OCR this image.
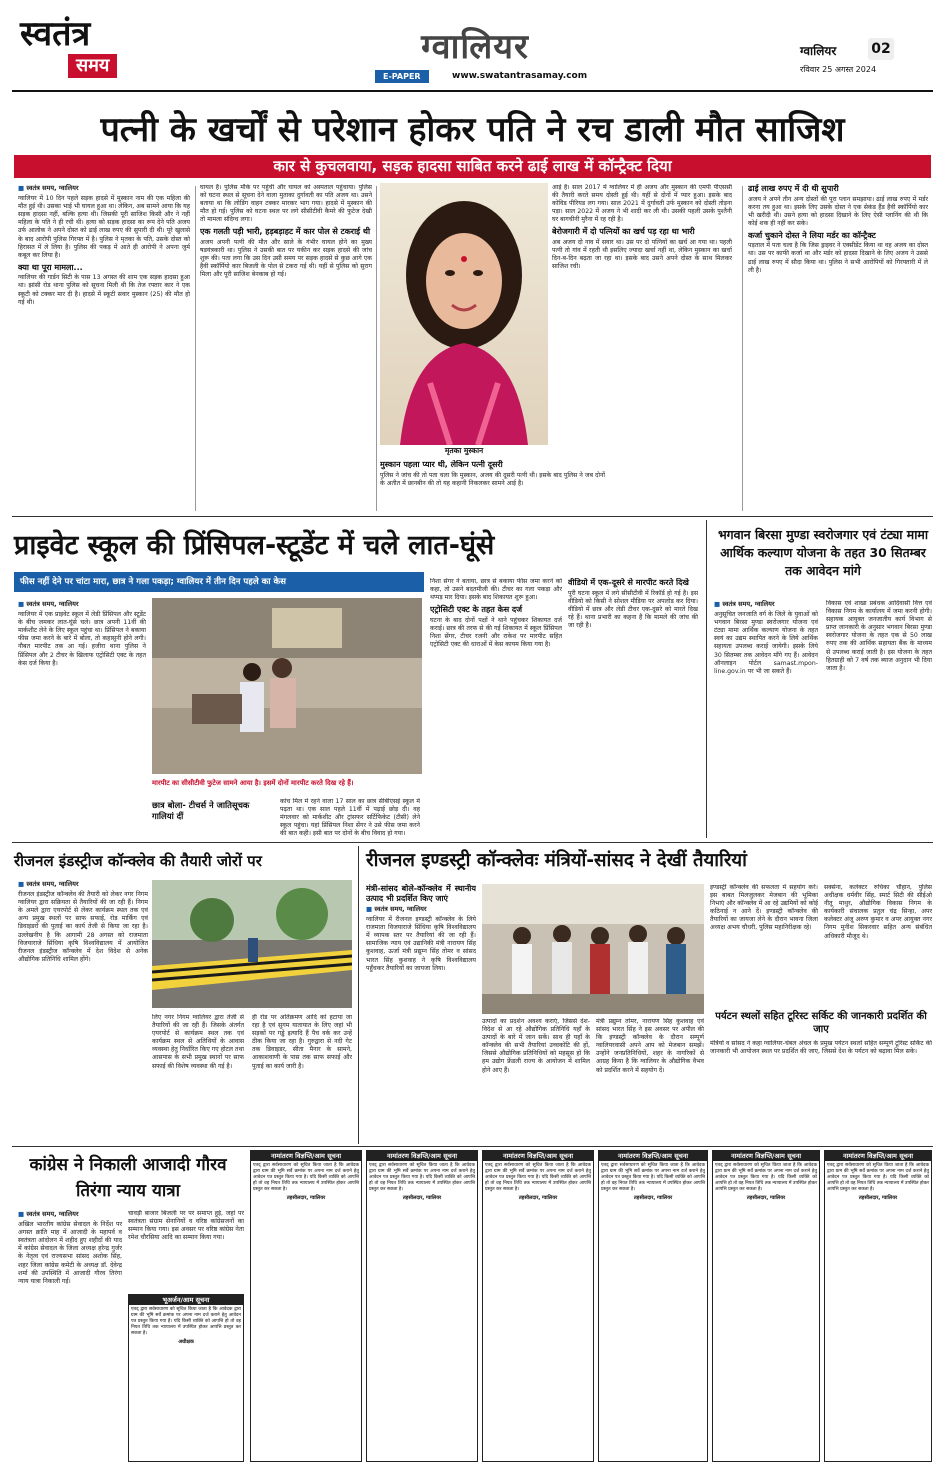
स्वतंत्र
समय	ग्वालियर
E-PAPER	www.swatantrasamay.com
ग्वालियर 02
रविवार 25 अगस्त 2024
पत्नी के खर्चों से परेशान होकर पति ने रच डाली मौत साजिश
कार से कुचलवाया, सड़क हादसा साबित करने ढाई लाख में कॉन्ट्रैक्ट दिया
■ स्वतंत्र समय, ग्वालियर

ग्वालियर में 10 दिन पहले सड़क हादसे में मुस्कान नाम की एक महिला की मौत हुई थी। उसका भाई भी घायल हुआ था। लेकिन, अब सामने आया कि यह सड़क हादसा नहीं, बल्कि हत्या थी। जिसकी पूरी साजिश किसी और ने नहीं महिला के पति ने ही रची थी। हत्या को सड़क हादसा का रूप देने पति अजय उर्फ आलोक ने अपने दोस्त को ढाई लाख रुपए की सुपारी दी थी। पूरे खुलासे के बाद आरोपी पुलिस गिरफ्त में है। पुलिस ने मृतका के पति, उसके दोस्त को हिरासत में ले लिया है। पुलिस की पकड़ में आते ही आरोपी ने अपना जुर्म कबूल कर लिया है।

क्या था पूरा मामला...

ग्वालियर की गार्डन सिटी के पास 13 अगस्त की शाम एक सड़क हादसा हुआ था। झांसी रोड थाना पुलिस को सूचना मिली थी कि तेज रफ्तार कार ने एक स्कूटी को टक्कर मार दी है। हादसे में स्कूटी सवार मुस्कान (25) की मौत हो गई थी।

घायल है। पुलिस मौके पर पहुंची और घायल को अस्पताल पहुंचाया। पुलिस को घटना स्थल से सूचना देने वाला मुताका दुर्गावती का पति अजय था। उसने बताया था कि लोडिंग वाहन टक्कर मारकर भाग गया। हादसे में मुस्कान की मौत हो गई। पुलिस को घटना स्थल पर लगे सीसीटीवी कैमरे की फुटेज देखी तो मामला संदिग्ध लगा।

एक गलती पड़ी भारी, हड़बड़ाहट में कार पोल से टकराई थी

अजय अपनी पत्नी की मौत और साले के गंभीर घायल होने का मुख्य षडयंत्रकारी था। पुलिस ने उसकी बात पर यकीन कर सड़क हादसे की जांच शुरू की। पता लगा कि उस दिन उसी समय पर सड़क हादसे से कुछ आगे एक हैवी स्कॉर्पियो कार बिजली के पोल से टकरा गई थी। यहीं से पुलिस को सुराग मिला और पूरी साजिश बेनकाब हो गई।

मृतका मुस्कान
मुस्कान पहला प्यार थी, लेकिन पत्नी दूसरी

पुलिस ने जांच की तो पता चला कि मुस्कान, अजय की दूसरी पत्नी थी। इसके बाद पुलिस ने जब दोनों के अतीत में छानबीन की तो यह कहानी निकलकर सामने आई है।

आई है। साल 2017 में ग्वालियर में ही अजय और मुस्कान की एमपी पीएससी की तैयारी करते समय दोस्ती हुई थी। यहीं से दोनों में प्यार हुआ। इसके बाद कोविड पीरियड लग गया। साल 2021 में दुर्गावती उर्फ मुस्कान को दोस्ती तोड़ना पड़ा। साल 2022 में अजय ने भी शादी कर ली थी। उसकी पहली उसके पुश्तैनी घर बागचीनी मुरैना में रह रही है।

बेरोजगारी में दो पत्नियों का खर्च पड़ रहा था भारी

अब अजय दो नाव में सवार था। उस पर दो पत्नियों का खर्च आ गया था। पहली पत्नी तो गांव में रहती थी इसलिए ज्यादा खर्चा नहीं था, लेकिन मुस्कान का खर्चा दिन-ब-दिन बढ़ता जा रहा था। इसके बाद उसने अपने दोस्त के साथ मिलकर साजिश रची।

ढाई लाख रुपए में दी थी सुपारी

अजय ने अपने तीन अन्य दोस्तों की पूरा प्लान समझाया। ढाई लाख रुपए में मर्डर करना तय हुआ था। इसके लिए उसके दोस्त ने एक सेकंड हैंड हैवी स्कॉर्पियो कार भी खरीदी थी। उसने हत्या को हादसा दिखाने के लिए ऐसी प्लानिंग की थी कि कोई शक ही नहीं कर सके।

कर्जा चुकाने दोस्त ने लिया मर्डर का कॉन्ट्रैक्ट

पड़ताल में पता चला है कि जिस ड्राइवर ने एक्सीडेंट किया था वह अजय का दोस्त था। उस पर काफी कर्जा था और मर्डर को हादसा दिखाने के लिए अजय ने उससे ढाई लाख रुपए में सौदा किया था। पुलिस ने सभी आरोपियों को गिरफ्तारी में ले ली है।

प्राइवेट स्कूल की प्रिंसिपल-स्टूडेंट में चले लात-घूंसे
फीस नहीं देने पर चांटा मारा, छात्र ने गला पकड़ा; ग्वालियर में तीन दिन पहले का केस
■ स्वतंत्र समय, ग्वालियर

ग्वालियर में एक प्राइवेट स्कूल में लेडी प्रिंसिपल और स्टूडेंट के बीच जमकर लात-घूंसे चले। छात्र अपनी 11वीं की मार्कशीट लेने के लिए स्कूल पहुंचा था। प्रिंसिपल ने बकाया फीस जमा करने के बारे में बोला, तो कहासुनी होने लगी। नौबत मारपीट तक आ गई। हजीरा थाना पुलिस ने प्रिंसिपल और 2 टीचर के खिलाफ एट्रोसिटी एक्ट के तहत केस दर्ज किया है।

मारपीट का सीसीटीवी फुटेज सामने आया है। इसमें दोनों मारपीट करते दिख रहे हैं।
छात्र बोला- टीचर्स ने जातिसूचक गालियां दीं

कांच मिल में रहने वाला 17 साल का छात्र सीबीएसई स्कूल में पढ़ता था। एक साल पहले 11वीं में पढ़ाई छोड़ दी। वह मंगलवार को मार्कशीट और ट्रांसफर सर्टिफिकेट (टीसी) लेने स्कूल पहुंचा। यहां प्रिंसिपल निशा सेंगर ने उसे फीस जमा करने की बात कही। इसी बात पर दोनों के बीच विवाद हो गया।

निशा सेंगर ने बताया, छात्र से बकाया फीस जमा करने को कहा, तो उसने बदतमीजी की। टीचर का गला पकड़ा और थप्पड़ मार दिया। इसके बाद शिकायत शुरू हुआ।

एट्रोसिटी एक्ट के तहत केस दर्ज

घटना के बाद दोनों पक्षों ने थाने पहुंचकर शिकायत दर्ज कराई। छात्र की तरफ से की गई शिकायत में स्कूल प्रिंसिपल निशा सेंगर, टीचर रजनी और राकेश पर मारपीट सहित एट्रोसिटी एक्ट की धाराओं में केस कायम किया गया है।

वीडियो में एक-दूसरे से मारपीट करते दिखे

पूरी घटना स्कूल में लगे सीसीटीवी में रिकॉर्ड हो गई है। इस वीडियो को किसी ने सोशल मीडिया पर अपलोड कर दिया। वीडियो में छात्र और लेडी टीचर एक-दूसरे को मारते दिख रहे हैं। थाना प्रभारी का कहना है कि मामले की जांच की जा रही है।

भगवान बिरसा मुण्डा स्वरोजगार एवं टंट्या मामा आर्थिक कल्याण योजना के तहत 30 सितम्बर तक आवेदन मांगे
■ स्वतंत्र समय, ग्वालियर

अनुसूचित जनजाति वर्ग के जिले के युवाओं को भगवान बिरसा मुण्डा स्वरोजगार योजना एवं टंट्या मामा आर्थिक कल्याण योजना के तहत स्वयं का उद्यम स्थापित करने के लिये आर्थिक सहायता उपलब्ध कराई जायेगी। इसके लिये 30 सितम्बर तक आवेदन माँगे गए हैं। आवेदन ऑनलाइन पोर्टल samast.mpon-line.gov.in पर भी जा सकते हैं।

विकास एवं शाखा प्रबंधक आदिवासी वित्त एवं विकास निगम के कार्यालय में जमा करनी होगी। सहायक आयुक्त जनजातीय कार्य विभाग से प्राप्त जानकारी के अनुसार भगवान बिरसा मुण्डा स्वरोजगार योजना के तहत एक से 50 लाख रुपए तक की आर्थिक सहायता बैंक के माध्यम से उपलब्ध कराई जाती है। इस योजना के तहत हितग्राही को 7 वर्ष तक ब्याज अनुदान भी दिया जाता है।

रीजनल इंडस्ट्रीज कॉन्क्लेव की तैयारी जोरों पर
■ स्वतंत्र समय, ग्वालियर

रीजनल इंडस्ट्रीज कॉन्क्लेव की तैयारी को लेकर नगर निगम ग्वालियर द्वारा सक्रियता से तैयारियों की जा रही हैं। निगम के अमले द्वारा एयरपोर्ट से लेकर कार्यक्रम स्थल तक एवं अन्य प्रमुख स्थलों पर साफ सफाई, रोड मार्किंग एवं डिवाइडरों की पुताई का कार्य तेजी से किया जा रहा है। उल्लेखनीय है कि आगामी 28 अगस्त को राजमाता विजयाराजे सिंधिया कृषि विश्वविद्यालय में आयोजित रीजनल इंडस्ट्रीज कॉन्क्लेव में देश विदेश से अनेक औद्योगिक प्रतिनिधि शामिल होंगे।

लिए नगर निगम ग्वालियर द्वारा तेजी से तैयारियों की जा रही हैं। जिसके अंतर्गत एयरपोर्ट से कार्यक्रम स्थल तक एवं कार्यक्रम स्थल से अतिथियों के आवास व्यवस्था हेतु निर्धारित किए गए होटल तथा आसपास के सभी प्रमुख स्थानों पर साफ सफाई की विशेष व्यवस्था की गई है।

ही रोड पर अतिक्रमण आदि को हटाया जा रहा है एवं सुगम यातायात के लिए जहां भी सड़कों पर गड्ढे इत्यादि हैं पैच वर्क कर उन्हें ठीक किया जा रहा है। गुरुद्वारा से नदी गेट तक डिवाइडर, सीता मैनार के सामने, आकाशवाणी के पास तक साफ सफाई और पुताई का कार्य जारी है।

रीजनल इण्डस्ट्री कॉन्क्लेवः मंत्रियों-सांसद ने देखीं तैयारियां
मंत्री-सांसद बोले-कॉन्क्लेव में स्थानीय उत्पाद भी प्रदर्शित किए जाएं
■ स्वतंत्र समय, ग्वालियर

ग्वालियर में रीजनल इण्डस्ट्री कॉन्क्लेव के लिये राजमाता विजयाराजे सिंधिया कृषि विश्वविद्यालय में व्यापक स्तर पर तैयारियां की जा रही हैं। सामाजिक न्याय एवं उद्यानिकी मंत्री नारायण सिंह कुशवाह, ऊर्जा मंत्री प्रद्युम्न सिंह तोमर व सांसद भारत सिंह कुशवाह ने कृषि विश्वविद्यालय पहुँचकर तैयारियों का जायजा लिया।

उत्पादों का प्रदर्शन अवश्य कराएं, जिससे देश-विदेश से आ रहे औद्योगिक प्रतिनिधि यहाँ के उत्पादों के बारे में जान सकें। साथ ही यहाँ के कॉन्क्लेव की सभी तैयारियां उच्चकोटि की हों, जिससे औद्योगिक प्रतिनिधियों को महसूस हो कि हम उद्योग फ्रेंडली राज्य के आयोजन में शामिल होने आए हैं।

मंत्री प्रद्युम्न तोमर, नारायण सिंह कुशवाह एवं सांसद भारत सिंह ने इस अवसर पर अपील की कि इण्डस्ट्री कॉन्क्लेव के दौरान सम्पूर्ण ग्वालियरवासी अपने आप को मेजबान समझें। उन्होंने जनप्रतिनिधियों, शहर के नागरिकों से आग्रह किया है कि ग्वालियर के औद्योगिक वैभव को प्रदर्शित करने में सहयोग दें।

इण्डस्ट्री कॉन्क्लेव की सफलता में सहयोग करें। इस बाबत मिलजुलकर मेजबान की भूमिका निभाएं और कॉन्क्लेव में आ रहे उद्यमियों को कोई कठिनाई न आने दें। इण्डस्ट्री कॉन्क्लेव की तैयारियों का जायजा लेने के दौरान भावना जिला अध्यक्ष अभय चौधरी, पुलिस महानिरीक्षक रहे।

सक्सेना, कलेक्टर रुचिका चौहान, पुलिस अधीक्षक धर्मवीर सिंह, स्मार्ट सिटी की सीईओ नीतू माथुर, औद्योगिक विकास निगम के कार्यकारी संचालक प्रतुल चंद्र सिन्हा, अपर कलेक्टर अंजू अरुण कुमार व अपर आयुक्त नगर निगम मुनीश सिकरवार सहित अन्य संबंधित अधिकारी मौजूद थे।

पर्यटन स्थलों सहित टूरिस्ट सर्किट की जानकारी प्रदर्शित की जाए

मंत्रियों व सांसद ने कहा ग्वालियर-चंबल अंचल के प्रमुख पर्यटन स्थलों सहित सम्पूर्ण टूरिस्ट सर्किट की जानकारी भी आयोजन स्थल पर प्रदर्शित की जाए, जिससे देश के पर्यटन को बढ़ावा मिल सके।

कांग्रेस ने निकाली आजादी गौरव तिरंगा न्याय यात्रा
■ स्वतंत्र समय, ग्वालियर

अखिल भारतीय कांग्रेस सेवादल के निर्देश पर अगस्त क्रांति माह में आजादी के महापर्व व स्वतंत्रता आंदोलन में शहीद हुए शहीदों की याद में कांग्रेस सेवादल के जिला अध्यक्ष हरेन्द्र गुर्जर के नेतृत्व एवं राज्यसभा सांसद अशोक सिंह, शहर जिला कांग्रेस कमेटी के अध्यक्ष डॉ. देवेन्द्र शर्मा की उपस्थिति में आजादी गौरव तिरंगा न्याय यात्रा निकाली गई।

चावड़ी बाजार बिजली पर पर समाप्त हुई, जहां पर स्वतंत्रता संग्राम सेनानियों व वरिष्ठ कांग्रेसजनों का सम्मान किया गया। इस अवसर पर वरिष्ठ कांग्रेस नेता रमेश चौरसिया आदि का सम्मान किया गया।

भूअर्जन/आम सूचना
एतद् द्वारा सर्वसाधारण को सूचित किया जाता है कि आवेदक द्वारा ग्राम की भूमि सर्वे क्रमांक पर अपना नाम दर्ज कराने हेतु आवेदन पत्र प्रस्तुत किया गया है। यदि किसी व्यक्ति को आपत्ति हो तो वह नियत तिथि तक न्यायालय में उपस्थित होकर आपत्ति प्रस्तुत कर सकता है।
अधीक्षक
नामांतरण विज्ञप्ति/आम सूचना
एतद् द्वारा सर्वसाधारण को सूचित किया जाता है कि आवेदक द्वारा ग्राम की भूमि सर्वे क्रमांक पर अपना नाम दर्ज कराने हेतु आवेदन पत्र प्रस्तुत किया गया है। यदि किसी व्यक्ति को आपत्ति हो तो वह नियत तिथि तक न्यायालय में उपस्थित होकर आपत्ति प्रस्तुत कर सकता है।
तहसीलदार, ग्वालियर
नामांतरण विज्ञप्ति/आम सूचना
एतद् द्वारा सर्वसाधारण को सूचित किया जाता है कि आवेदक द्वारा ग्राम की भूमि सर्वे क्रमांक पर अपना नाम दर्ज कराने हेतु आवेदन पत्र प्रस्तुत किया गया है। यदि किसी व्यक्ति को आपत्ति हो तो वह नियत तिथि तक न्यायालय में उपस्थित होकर आपत्ति प्रस्तुत कर सकता है।
तहसीलदार, ग्वालियर
नामांतरण विज्ञप्ति/आम सूचना
एतद् द्वारा सर्वसाधारण को सूचित किया जाता है कि आवेदक द्वारा ग्राम की भूमि सर्वे क्रमांक पर अपना नाम दर्ज कराने हेतु आवेदन पत्र प्रस्तुत किया गया है। यदि किसी व्यक्ति को आपत्ति हो तो वह नियत तिथि तक न्यायालय में उपस्थित होकर आपत्ति प्रस्तुत कर सकता है।
तहसीलदार, ग्वालियर
नामांतरण विज्ञप्ति/आम सूचना
एतद् द्वारा सर्वसाधारण को सूचित किया जाता है कि आवेदक द्वारा ग्राम की भूमि सर्वे क्रमांक पर अपना नाम दर्ज कराने हेतु आवेदन पत्र प्रस्तुत किया गया है। यदि किसी व्यक्ति को आपत्ति हो तो वह नियत तिथि तक न्यायालय में उपस्थित होकर आपत्ति प्रस्तुत कर सकता है।
तहसीलदार, ग्वालियर
नामांतरण विज्ञप्ति/आम सूचना
एतद् द्वारा सर्वसाधारण को सूचित किया जाता है कि आवेदक द्वारा ग्राम की भूमि सर्वे क्रमांक पर अपना नाम दर्ज कराने हेतु आवेदन पत्र प्रस्तुत किया गया है। यदि किसी व्यक्ति को आपत्ति हो तो वह नियत तिथि तक न्यायालय में उपस्थित होकर आपत्ति प्रस्तुत कर सकता है।
तहसीलदार, ग्वालियर
नामांतरण विज्ञप्ति/आम सूचना
एतद् द्वारा सर्वसाधारण को सूचित किया जाता है कि आवेदक द्वारा ग्राम की भूमि सर्वे क्रमांक पर अपना नाम दर्ज कराने हेतु आवेदन पत्र प्रस्तुत किया गया है। यदि किसी व्यक्ति को आपत्ति हो तो वह नियत तिथि तक न्यायालय में उपस्थित होकर आपत्ति प्रस्तुत कर सकता है।
तहसीलदार, ग्वालियर
